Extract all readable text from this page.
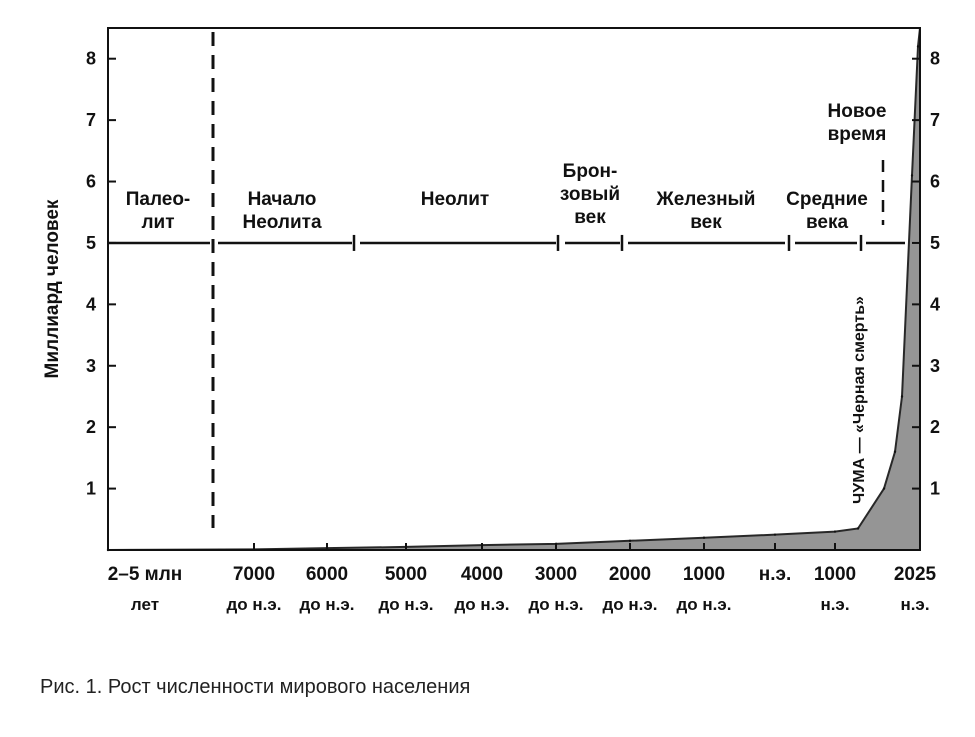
Палео-
лит
Начало
Неолита
Неолит
Брон-
зовый
век
Железный
век
Средние
века
Новое
время
1	1
2	2
3	3
4	4
5	5
6	6
7	7
8	8
2–5 млн
лет
7000
до н.э.
6000
до н.э.
5000
до н.э.
4000
до н.э.
3000
до н.э.
2000
до н.э.
1000
до н.э.
н.э. 1000
н.э.
2025
н.э.
Миллиард человек
ЧУМА — «Черная смерть»
Рис. 1. Рост численности мирового населения
